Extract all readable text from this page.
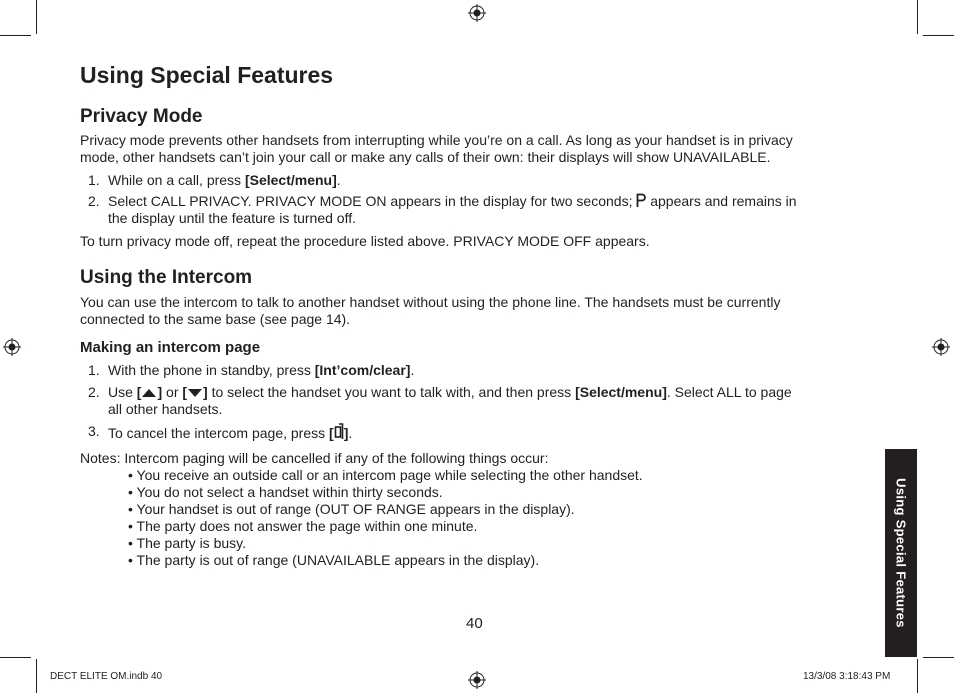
Using Special Features
Privacy Mode

Privacy mode prevents other handsets from interrupting while you’re on a call. As long as your handset is in privacy

mode, other handsets can’t join your call or make any calls of their own: their displays will show UNAVAILABLE.

1. While on a call, press [Select/menu].
2. Select CALL PRIVACY. PRIVACY MODE ON appears in the display for two seconds;  appears and remains in
the display until the feature is turned off.

To turn privacy mode off, repeat the procedure listed above. PRIVACY MODE OFF appears.

Using the Intercom

You can use the intercom to talk to another handset without using the phone line. The handsets must be currently

connected to the same base (see page 14).

Making an intercom page
1. With the phone in standby, press [Int’com/clear].
2. Use [ ] or [ ] to select the handset you want to talk with, and then press [Select/menu]. Select ALL to page
all other handsets.
3. To cancel the intercom page, press [ ].

Notes: Intercom paging will be cancelled if any of the following things occur:

• You receive an outside call or an intercom page while selecting the other handset.
• You do not select a handset within thirty seconds.
• Your handset is out of range (OUT OF RANGE appears in the display).
• The party does not answer the page within one minute.
• The party is busy.
• The party is out of range (UNAVAILABLE appears in the display).
40	Using Special Features
DECT ELITE OM.indb 40	13/3/08 3:18:43 PM
